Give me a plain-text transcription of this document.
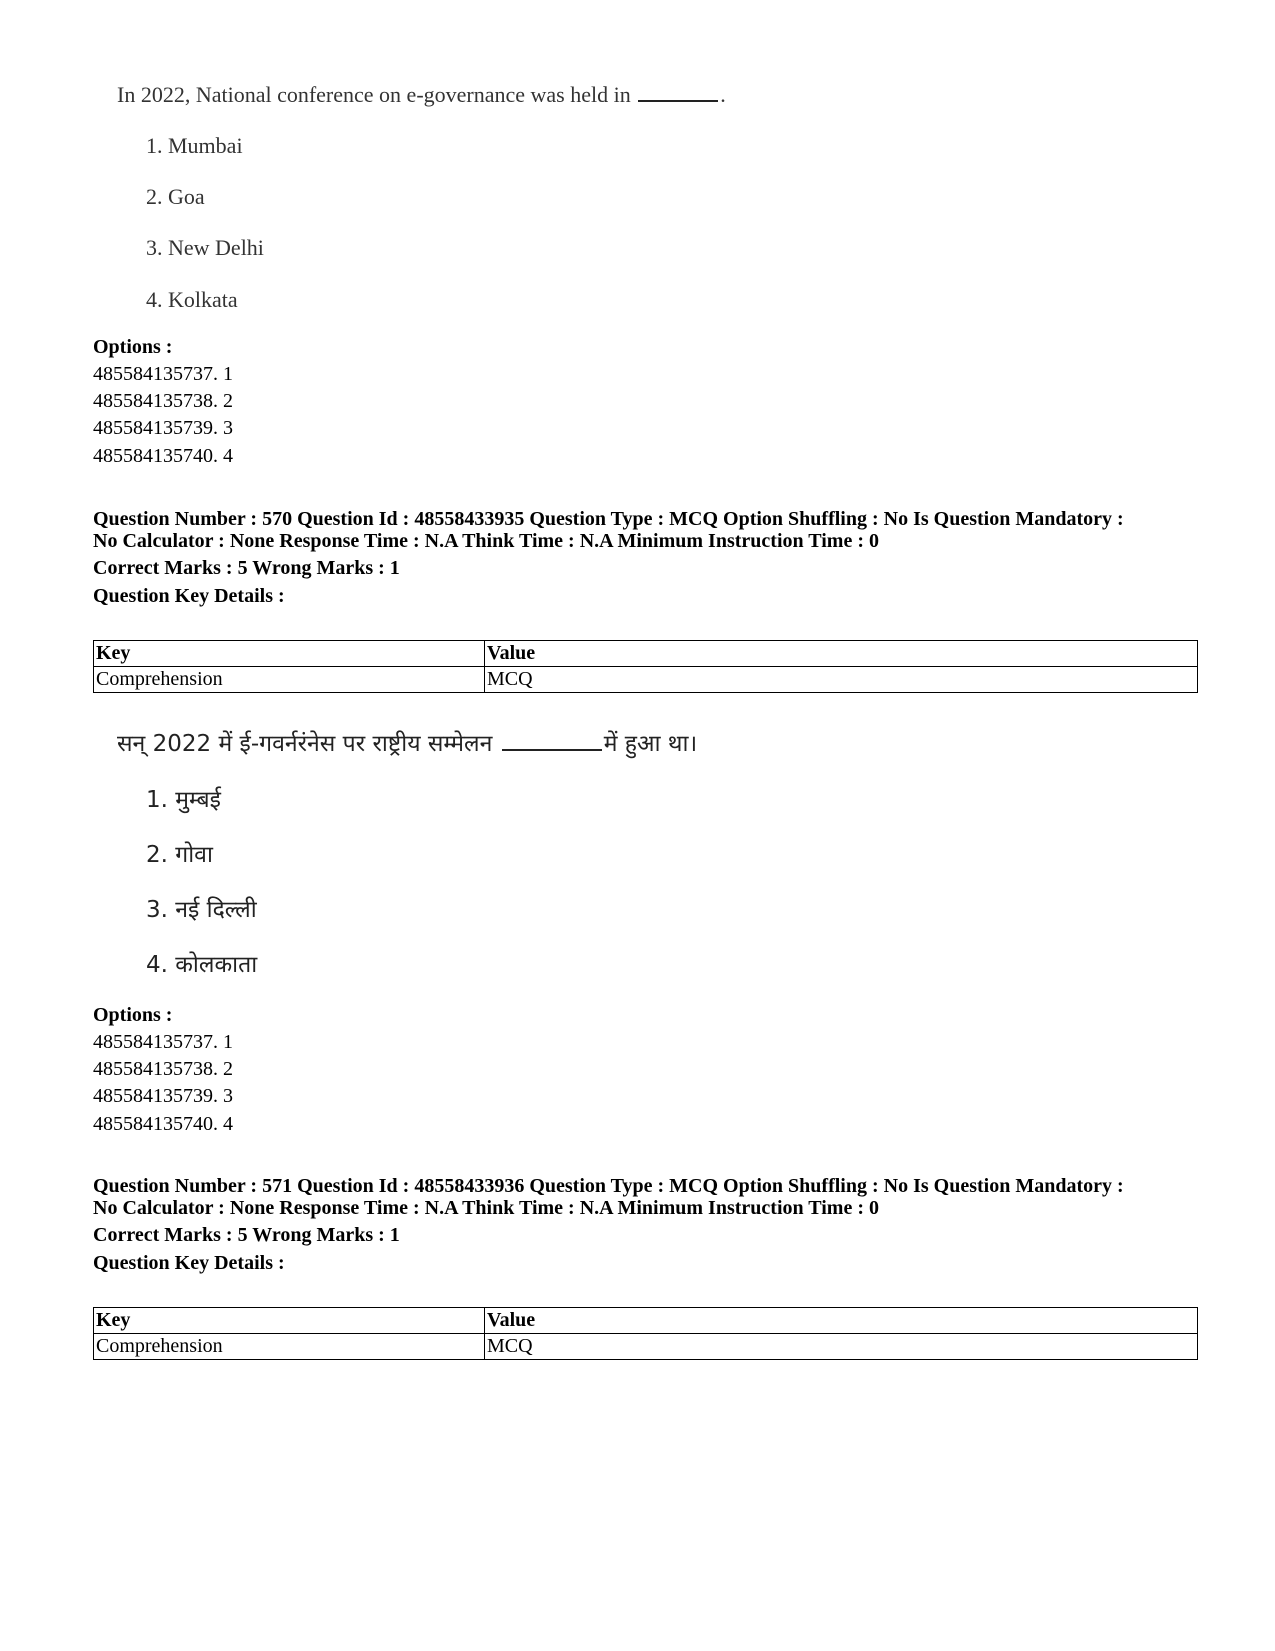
In 2022, National conference on e-governance was held in	.
1. Mumbai
2. Goa
3. New Delhi
4. Kolkata
Options :
485584135737. 1
485584135738. 2
485584135739. 3
485584135740. 4
Question Number : 570 Question Id : 48558433935 Question Type : MCQ Option Shuffling : No Is Question Mandatory :
No Calculator : None Response Time : N.A Think Time : N.A Minimum Instruction Time : 0
Correct Marks : 5 Wrong Marks : 1
Question Key Details :
Key	Value
Comprehension	MCQ
सन् 2022 में ई-गवर्नरंनेस पर राष्ट्रीय सम्मेलन	में हुआ था।
1. मुम्बई
2. गोवा
3. नई दिल्ली
4. कोलकाता
Options :
485584135737. 1
485584135738. 2
485584135739. 3
485584135740. 4
Question Number : 571 Question Id : 48558433936 Question Type : MCQ Option Shuffling : No Is Question Mandatory :
No Calculator : None Response Time : N.A Think Time : N.A Minimum Instruction Time : 0
Correct Marks : 5 Wrong Marks : 1
Question Key Details :
Key	Value
Comprehension	MCQ
